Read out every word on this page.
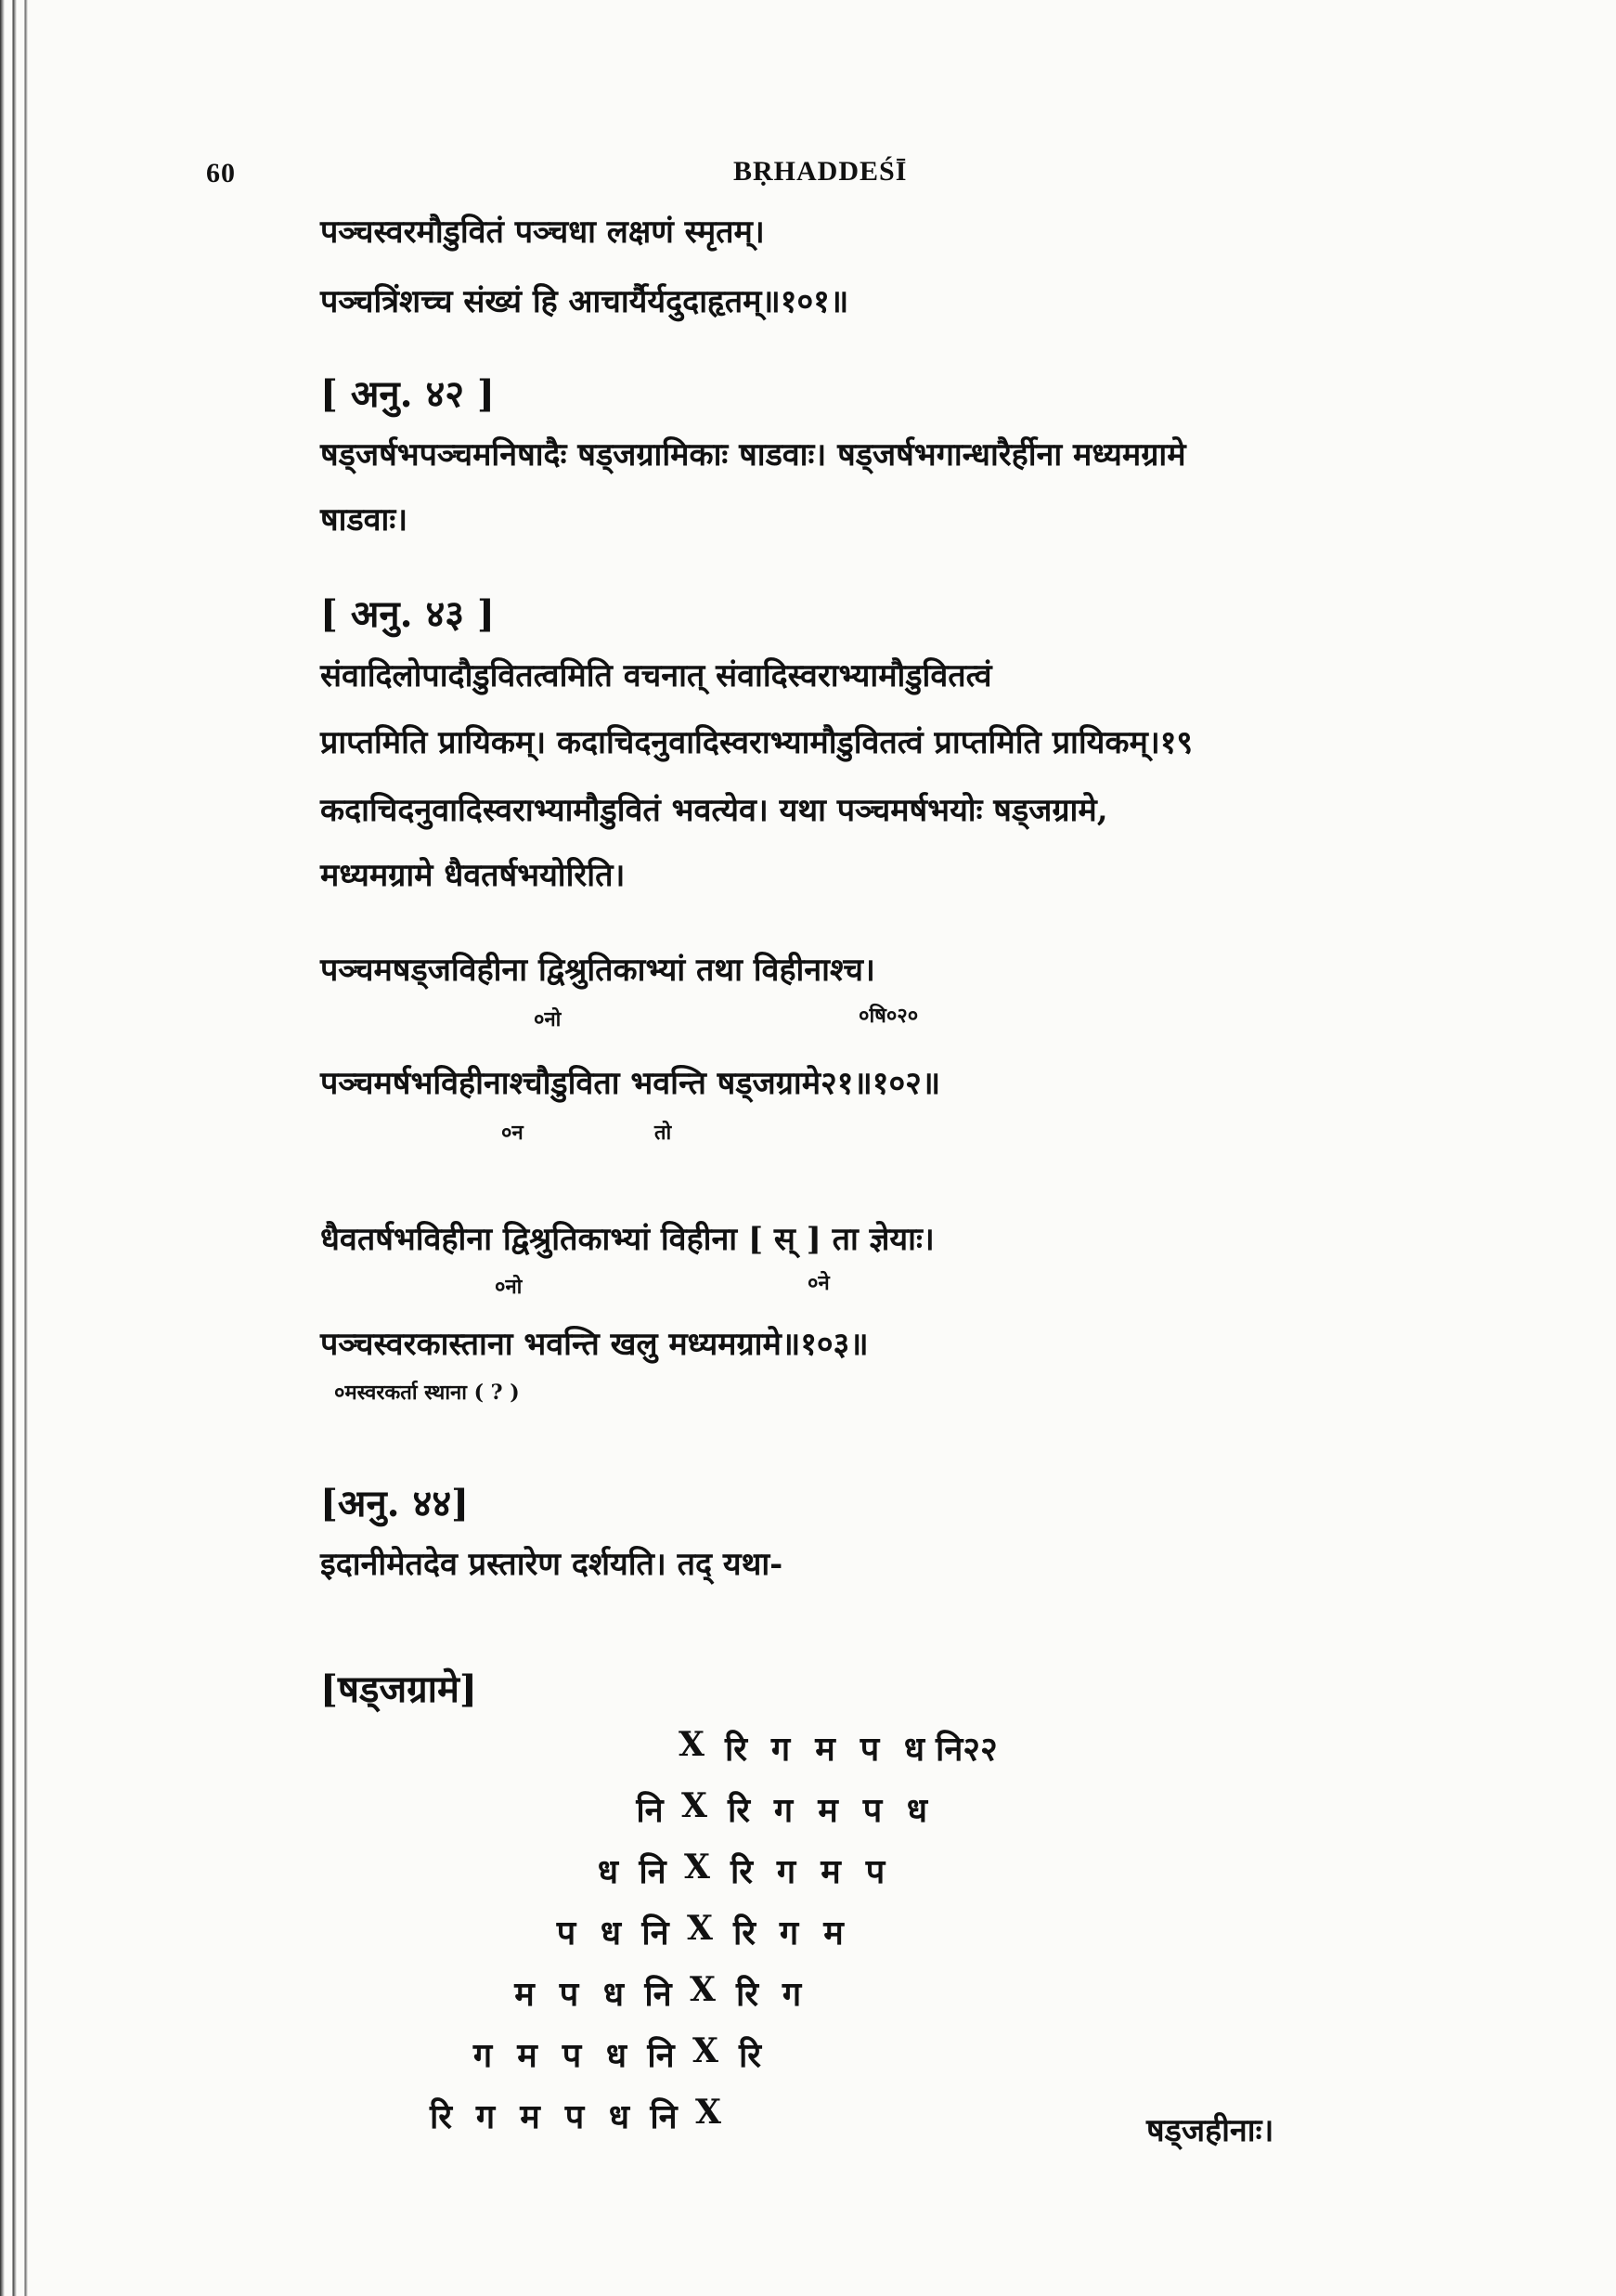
60	BṚHADDEŚĪ
पञ्चस्वरमौडुवितं पञ्चधा लक्षणं स्मृतम्।
पञ्चत्रिंशच्च संख्यं हि आचार्यैर्यदुदाहृतम्॥१०१॥
[ अनु. ४२ ]
षड्जर्षभपञ्चमनिषादैः षड्जग्रामिकाः षाडवाः। षड्जर्षभगान्धारैर्हीना मध्यमग्रामे
षाडवाः।
[ अनु. ४३ ]
संवादिलोपादौडुवितत्वमिति वचनात् संवादिस्वराभ्यामौडुवितत्वं
प्राप्तमिति प्रायिकम्। कदाचिदनुवादिस्वराभ्यामौडुवितत्वं प्राप्तमिति प्रायिकम्।१९
कदाचिदनुवादिस्वराभ्यामौडुवितं भवत्येव। यथा पञ्चमर्षभयोः षड्जग्रामे,
मध्यमग्रामे धैवतर्षभयोरिति।
पञ्चमषड्जविहीना द्विश्रुतिकाभ्यां तथा विहीनाश्च।
०नो	०षि०२०
पञ्चमर्षभविहीनाश्चौडुविता भवन्ति षड्जग्रामे२१॥१०२॥
०न	तो
धैवतर्षभविहीना द्विश्रुतिकाभ्यां विहीना [ स् ] ता ज्ञेयाः।
०नो	०ने
पञ्चस्वरकास्ताना भवन्ति खलु मध्यमग्रामे॥१०३॥
०मस्वरकर्ता स्थाना ( ? )
[अनु. ४४]
इदानीमेतदेव प्रस्तारेण दर्शयति। तद् यथा-
[षड्जग्रामे]
X रि ग म प ध नि२२
नि X रि ग म प ध
ध नि X रि ग म प
प ध नि X रि ग म
म प ध नि X रि ग
ग म प ध नि X रि
रि ग म प ध नि X	षड्जहीनाः।
